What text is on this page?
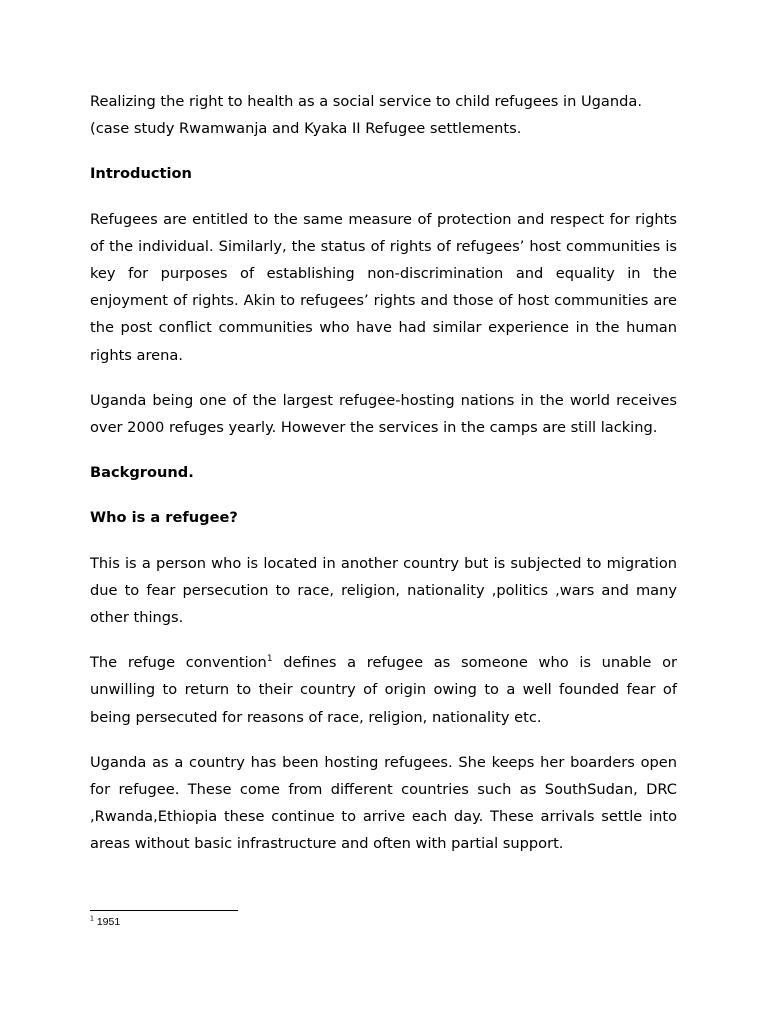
Realizing the right to health as a social service to child refugees in Uganda.
(case study Rwamwanja and Kyaka II Refugee settlements.

Introduction

Refugees are entitled to the same measure of protection and respect for rights of the individual. Similarly, the status of rights of refugees’ host communities is key for purposes of establishing non-discrimination and equality in the enjoyment of rights. Akin to refugees’ rights and those of host communities are the post conflict communities who have had similar experience in the human rights arena.

Uganda being one of the largest refugee-hosting nations in the world receives over 2000 refuges yearly. However the services in the camps are still lacking.

Background.
Who is a refugee?

This is a person who is located in another country but is subjected to migration due to fear persecution to race, religion, nationality ,politics ,wars and many other things.

The refuge convention$^1$ defines a refugee as someone who is unable or unwilling to return to their country of origin owing to a well founded fear of being persecuted for reasons of race, religion, nationality etc.

Uganda as a country has been hosting refugees. She keeps her boarders open for refugee. These come from different countries such as SouthSudan, DRC ,Rwanda,Ethiopia these continue to arrive each day. These arrivals settle into areas without basic infrastructure and often with partial support.

$^1$ 1951
